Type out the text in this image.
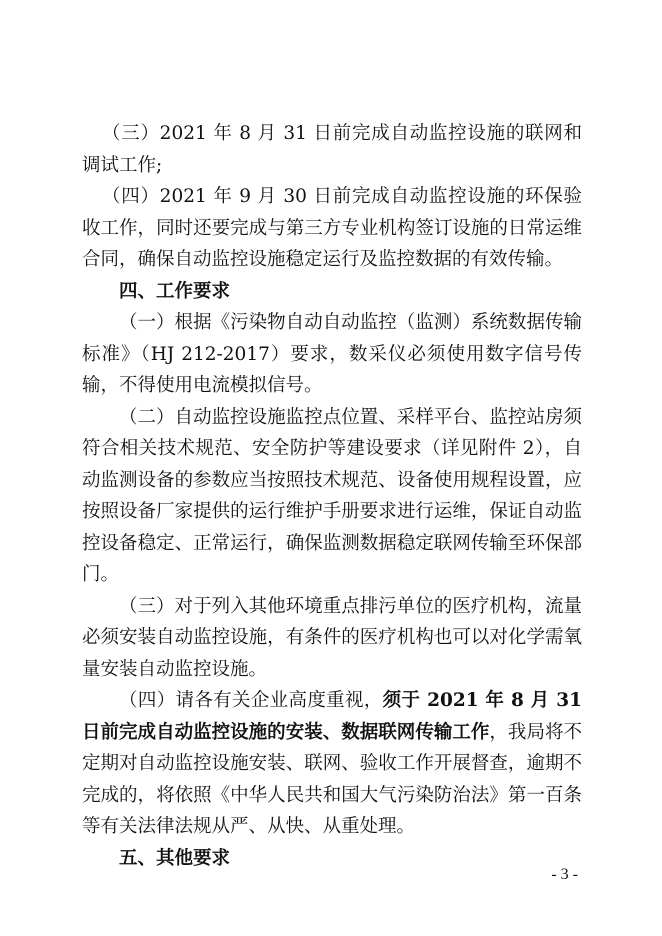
（三）2021 年 8 月 31 日前完成自动监控设施的联网和调试工作;

（四）2021 年 9 月 30 日前完成自动监控设施的环保验收工作，同时还要完成与第三方专业机构签订设施的日常运维合同，确保自动监控设施稳定运行及监控数据的有效传输。

四、工作要求

（一）根据《污染物自动自动监控（监测）系统数据传输标准》（HJ 212-2017）要求，数采仪必须使用数字信号传输，不得使用电流模拟信号。

（二）自动监控设施监控点位置、采样平台、监控站房须符合相关技术规范、安全防护等建设要求（详见附件 2），自动监测设备的参数应当按照技术规范、设备使用规程设置，应按照设备厂家提供的运行维护手册要求进行运维，保证自动监控设备稳定、正常运行，确保监测数据稳定联网传输至环保部门。

（三）对于列入其他环境重点排污单位的医疗机构，流量必须安装自动监控设施，有条件的医疗机构也可以对化学需氧量安装自动监控设施。

（四）请各有关企业高度重视，须于 2021 年 8 月 31 日前完成自动监控设施的安装、数据联网传输工作，我局将不定期对自动监控设施安装、联网、验收工作开展督查，逾期不完成的，将依照《中华人民共和国大气污染防治法》第一百条等有关法律法规从严、从快、从重处理。

五、其他要求

- 3 -
